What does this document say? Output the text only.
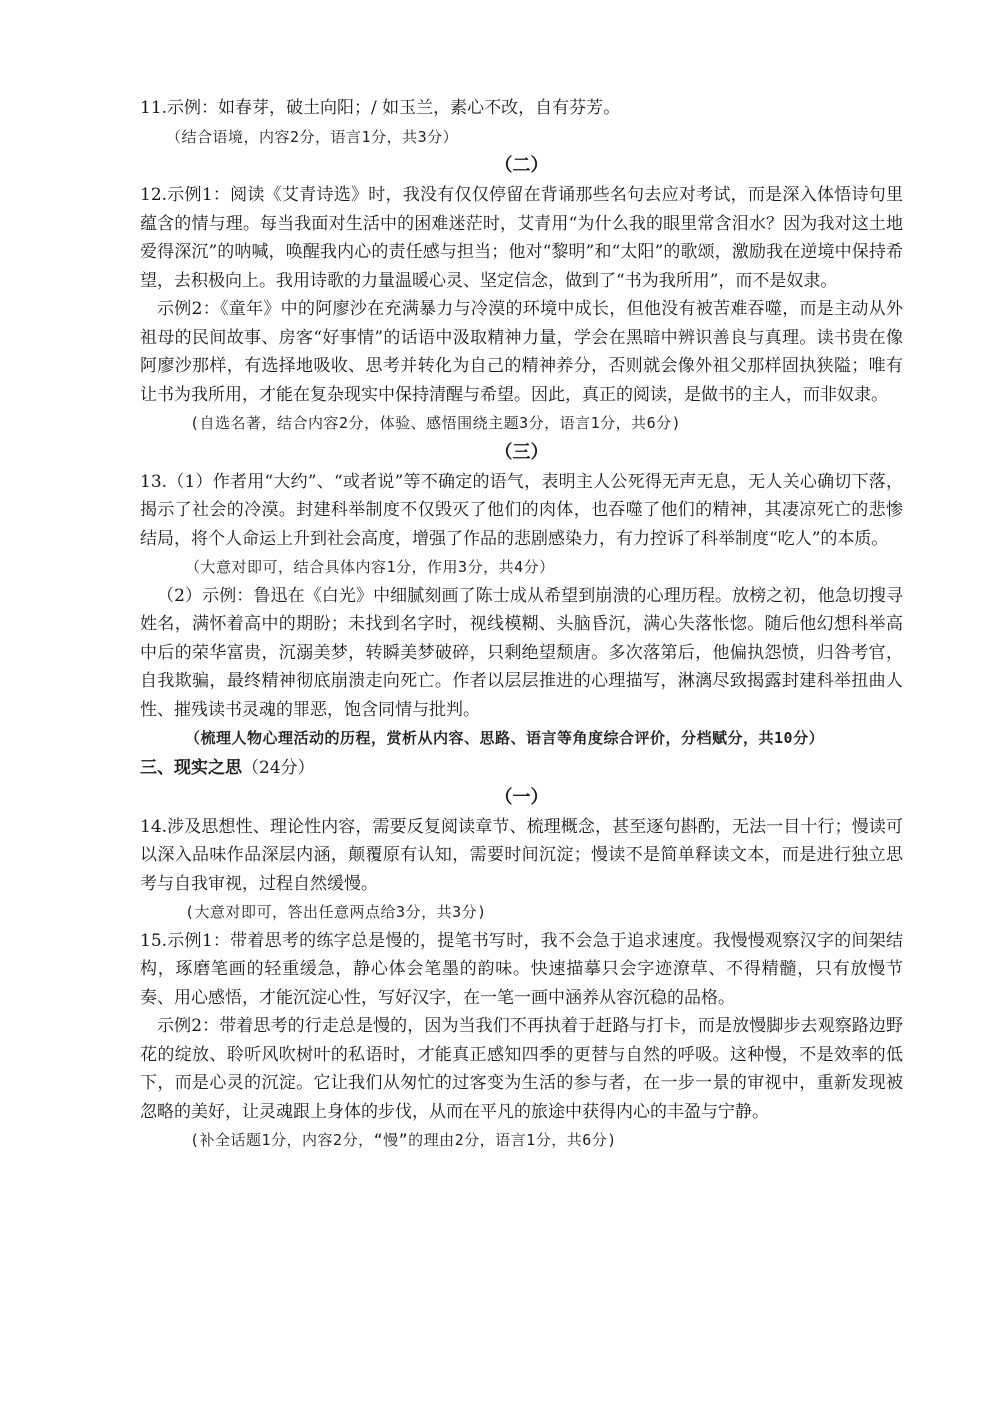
11.示例：如春芽，破土向阳；/ 如玉兰，素心不改，自有芬芳。

（结合语境，内容2分，语言1分，共3分）

（二）

12.示例1：阅读《艾青诗选》时，我没有仅仅停留在背诵那些名句去应对考试，而是深入体悟诗句里蕴含的情与理。每当我面对生活中的困难迷茫时，艾青用“为什么我的眼里常含泪水？因为我对这土地爱得深沉”的呐喊，唤醒我内心的责任感与担当；他对“黎明”和“太阳”的歌颂，激励我在逆境中保持希望，去积极向上。我用诗歌的力量温暖心灵、坚定信念，做到了“书为我所用”，而不是奴隶。

示例2：《童年》中的阿廖沙在充满暴力与冷漠的环境中成长，但他没有被苦难吞噬，而是主动从外祖母的民间故事、房客“好事情”的话语中汲取精神力量，学会在黑暗中辨识善良与真理。读书贵在像阿廖沙那样，有选择地吸收、思考并转化为自己的精神养分，否则就会像外祖父那样固执狭隘；唯有让书为我所用，才能在复杂现实中保持清醒与希望。因此，真正的阅读，是做书的主人，而非奴隶。

(自选名著，结合内容2分，体验、感悟围绕主题3分，语言1分，共6分)

（三）

13.（1）作者用“大约”、“或者说”等不确定的语气，表明主人公死得无声无息，无人关心确切下落，揭示了社会的冷漠。封建科举制度不仅毁灭了他们的肉体，也吞噬了他们的精神，其凄凉死亡的悲惨结局，将个人命运上升到社会高度，增强了作品的悲剧感染力，有力控诉了科举制度“吃人”的本质。

（大意对即可，结合具体内容1分，作用3分，共4分）

（2）示例：鲁迅在《白光》中细腻刻画了陈士成从希望到崩溃的心理历程。放榜之初，他急切搜寻姓名，满怀着高中的期盼；未找到名字时，视线模糊、头脑昏沉，满心失落怅惚。随后他幻想科举高中后的荣华富贵，沉溺美梦，转瞬美梦破碎，只剩绝望颓唐。多次落第后，他偏执怨愤，归咎考官，自我欺骗，最终精神彻底崩溃走向死亡。作者以层层推进的心理描写，淋漓尽致揭露封建科举扭曲人性、摧残读书灵魂的罪恶，饱含同情与批判。

（梳理人物心理活动的历程，赏析从内容、思路、语言等角度综合评价，分档赋分，共10分）

三、现实之思（24分）

（一）

14.涉及思想性、理论性内容，需要反复阅读章节、梳理概念，甚至逐句斟酌，无法一目十行；慢读可以深入品味作品深层内涵，颠覆原有认知，需要时间沉淀；慢读不是简单释读文本，而是进行独立思考与自我审视，过程自然缓慢。

(大意对即可，答出任意两点给3分，共3分)

15.示例1：带着思考的练字总是慢的，提笔书写时，我不会急于追求速度。我慢慢观察汉字的间架结构，琢磨笔画的轻重缓急，静心体会笔墨的韵味。快速描摹只会字迹潦草、不得精髓，只有放慢节奏、用心感悟，才能沉淀心性，写好汉字，在一笔一画中涵养从容沉稳的品格。

示例2：带着思考的行走总是慢的，因为当我们不再执着于赶路与打卡，而是放慢脚步去观察路边野花的绽放、聆听风吹树叶的私语时，才能真正感知四季的更替与自然的呼吸。这种慢，不是效率的低下，而是心灵的沉淀。它让我们从匆忙的过客变为生活的参与者，在一步一景的审视中，重新发现被忽略的美好，让灵魂跟上身体的步伐，从而在平凡的旅途中获得内心的丰盈与宁静。

(补全话题1分，内容2分，“慢”的理由2分，语言1分，共6分)
